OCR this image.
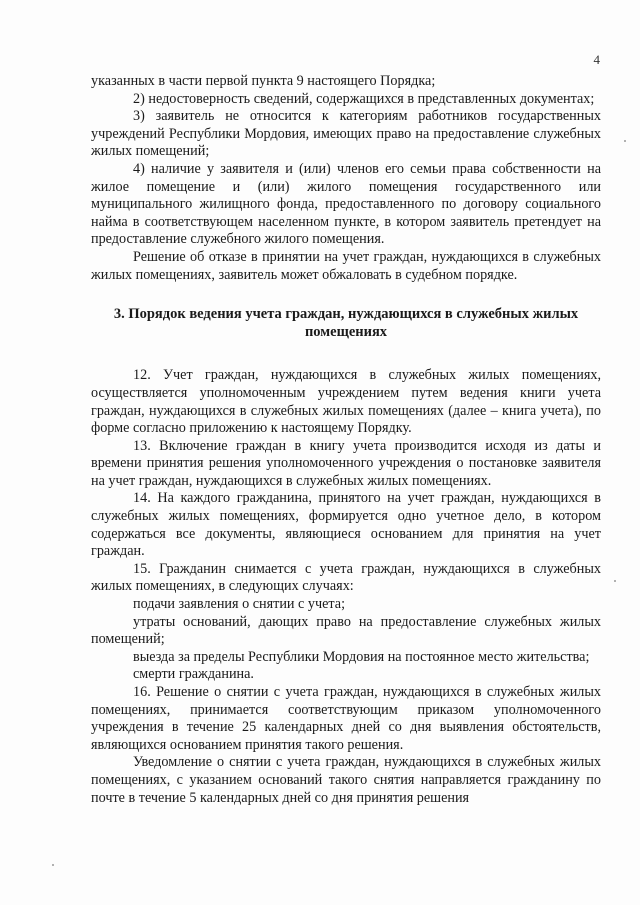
4

указанных в части первой пункта 9 настоящего Порядка;

2) недостоверность сведений, содержащихся в представленных документах;

3) заявитель не относится к категориям работников государственных учреждений Республики Мордовия, имеющих право на предоставление служебных жилых помещений;

4) наличие у заявителя и (или) членов его семьи права собственности на жилое помещение и (или) жилого помещения государственного или муниципального жилищного фонда, предоставленного по договору социального найма в соответствующем населенном пункте, в котором заявитель претендует на предоставление служебного жилого помещения.

Решение об отказе в принятии на учет граждан, нуждающихся в служебных жилых помещениях, заявитель может обжаловать в судебном порядке.

3. Порядок ведения учета граждан, нуждающихся в служебных жилых помещениях

12. Учет граждан, нуждающихся в служебных жилых помещениях, осуществляется уполномоченным учреждением путем ведения книги учета граждан, нуждающихся в служебных жилых помещениях (далее – книга учета), по форме согласно приложению к настоящему Порядку.

13. Включение граждан в книгу учета производится исходя из даты и времени принятия решения уполномоченного учреждения о постановке заявителя на учет граждан, нуждающихся в служебных жилых помещениях.

14. На каждого гражданина, принятого на учет граждан, нуждающихся в служебных жилых помещениях, формируется одно учетное дело, в котором содержаться все документы, являющиеся основанием для принятия на учет граждан.

15. Гражданин снимается с учета граждан, нуждающихся в служебных жилых помещениях, в следующих случаях:

подачи заявления о снятии с учета;

утраты оснований, дающих право на предоставление служебных жилых помещений;

выезда за пределы Республики Мордовия на постоянное место жительства;

смерти гражданина.

16. Решение о снятии с учета граждан, нуждающихся в служебных жилых помещениях, принимается соответствующим приказом уполномоченного учреждения в течение 25 календарных дней со дня выявления обстоятельств, являющихся основанием принятия такого решения.

Уведомление о снятии с учета граждан, нуждающихся в служебных жилых помещениях, с указанием оснований такого снятия направляется гражданину по почте в течение 5 календарных дней со дня принятия решения
